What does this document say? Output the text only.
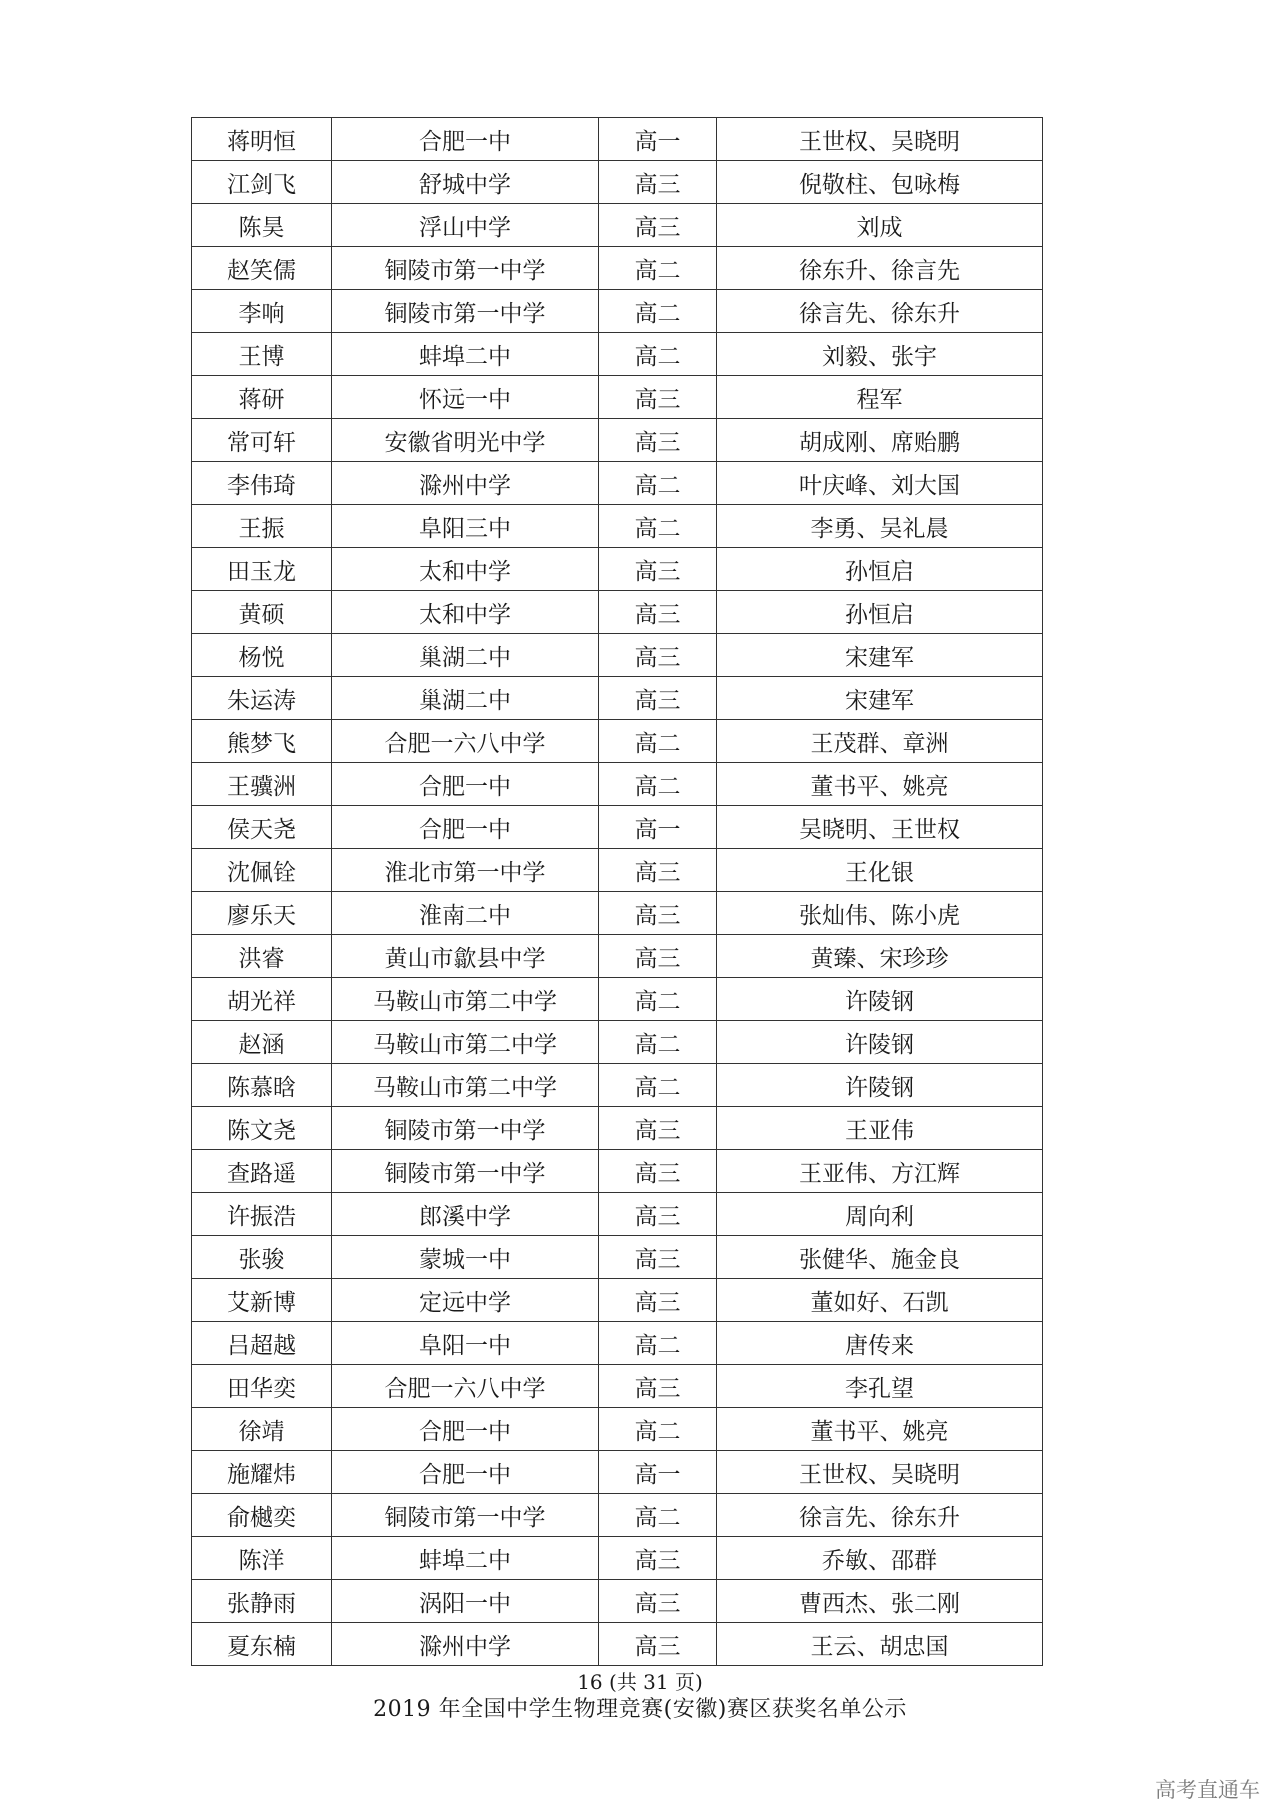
蒋明恒	合肥一中	高一	王世权、吴晓明
江剑飞	舒城中学	高三	倪敬柱、包咏梅
陈昊	浮山中学	高三	刘成
赵笑儒	铜陵市第一中学	高二	徐东升、徐言先
李响	铜陵市第一中学	高二	徐言先、徐东升
王博	蚌埠二中	高二	刘毅、张宇
蒋研	怀远一中	高三	程军
常可轩	安徽省明光中学	高三	胡成刚、席贻鹏
李伟琦	滁州中学	高二	叶庆峰、刘大国
王振	阜阳三中	高二	李勇、吴礼晨
田玉龙	太和中学	高三	孙恒启
黄硕	太和中学	高三	孙恒启
杨悦	巢湖二中	高三	宋建军
朱运涛	巢湖二中	高三	宋建军
熊梦飞	合肥一六八中学	高二	王茂群、章洲
王骥洲	合肥一中	高二	董书平、姚亮
侯天尧	合肥一中	高一	吴晓明、王世权
沈佩铨	淮北市第一中学	高三	王化银
廖乐天	淮南二中	高三	张灿伟、陈小虎
洪睿	黄山市歙县中学	高三	黄臻、宋珍珍
胡光祥	马鞍山市第二中学	高二	许陵钢
赵涵	马鞍山市第二中学	高二	许陵钢
陈慕晗	马鞍山市第二中学	高二	许陵钢
陈文尧	铜陵市第一中学	高三	王亚伟
查路遥	铜陵市第一中学	高三	王亚伟、方江辉
许振浩	郎溪中学	高三	周向利
张骏	蒙城一中	高三	张健华、施金良
艾新博	定远中学	高三	董如好、石凯
吕超越	阜阳一中	高二	唐传来
田华奕	合肥一六八中学	高三	李孔望
徐靖	合肥一中	高二	董书平、姚亮
施耀炜	合肥一中	高一	王世权、吴晓明
俞樾奕	铜陵市第一中学	高二	徐言先、徐东升
陈洋	蚌埠二中	高三	乔敏、邵群
张静雨	涡阳一中	高三	曹西杰、张二刚
夏东楠	滁州中学	高三	王云、胡忠国
16 (共 31 页)
2019 年全国中学生物理竞赛(安徽)赛区获奖名单公示
高考直通车
